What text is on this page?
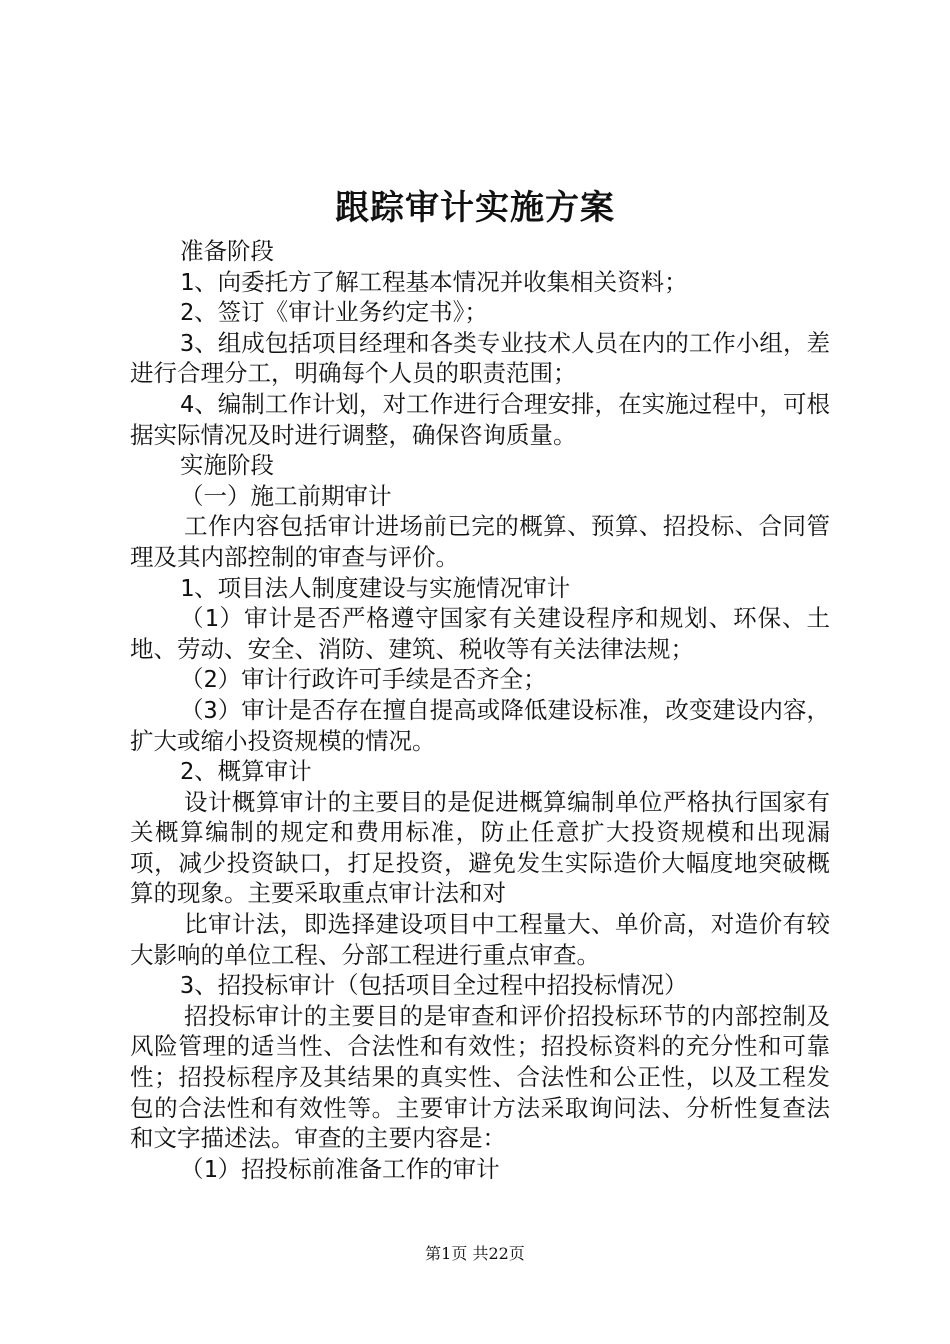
跟踪审计实施方案

准备阶段

1、向委托方了解工程基本情况并收集相关资料；

2、签订《审计业务约定书》；

3、组成包括项目经理和各类专业技术人员在内的工作小组，差进行合理分工，明确每个人员的职责范围；

4、编制工作计划，对工作进行合理安排，在实施过程中，可根据实际情况及时进行调整，确保咨询质量。

实施阶段

（一）施工前期审计

工作内容包括审计进场前已完的概算、预算、招投标、合同管理及其内部控制的审查与评价。

1、项目法人制度建设与实施情况审计

（1）审计是否严格遵守国家有关建设程序和规划、环保、土地、劳动、安全、消防、建筑、税收等有关法律法规；

（2）审计行政许可手续是否齐全；

（3）审计是否存在擅自提高或降低建设标准，改变建设内容，扩大或缩小投资规模的情况。

2、概算审计

设计概算审计的主要目的是促进概算编制单位严格执行国家有关概算编制的规定和费用标准，防止任意扩大投资规模和出现漏项，减少投资缺口，打足投资，避免发生实际造价大幅度地突破概算的现象。主要采取重点审计法和对

比审计法，即选择建设项目中工程量大、单价高，对造价有较大影响的单位工程、分部工程进行重点审查。

3、招投标审计（包括项目全过程中招投标情况）

招投标审计的主要目的是审查和评价招投标环节的内部控制及风险管理的适当性、合法性和有效性；招投标资料的充分性和可靠性；招投标程序及其结果的真实性、合法性和公正性，以及工程发包的合法性和有效性等。主要审计方法采取询问法、分析性复查法和文字描述法。审查的主要内容是：

（1）招投标前准备工作的审计

第1页 共22页
